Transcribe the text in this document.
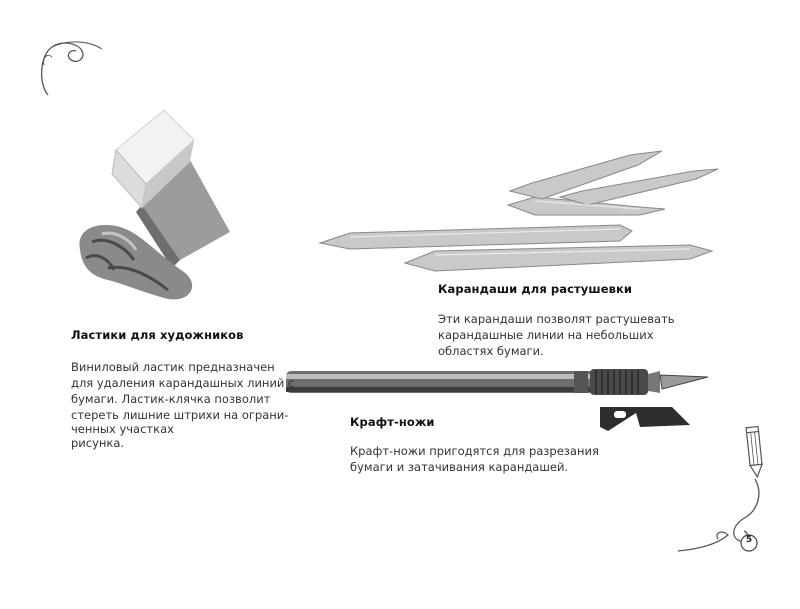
Ластики для художников
Виниловый ластик предназначен
для удаления карандашных линий с
бумаги. Ластик-клячка позволит
стереть лишние штрихи на ограни-
ченных участках
рисунка.
Карандаши для растушевки
Эти карандаши позволят растушевать
карандашные линии на небольших
областях бумаги.
Крафт-ножи
Крафт-ножи пригодятся для разрезания
бумаги и затачивания карандашей.
5
